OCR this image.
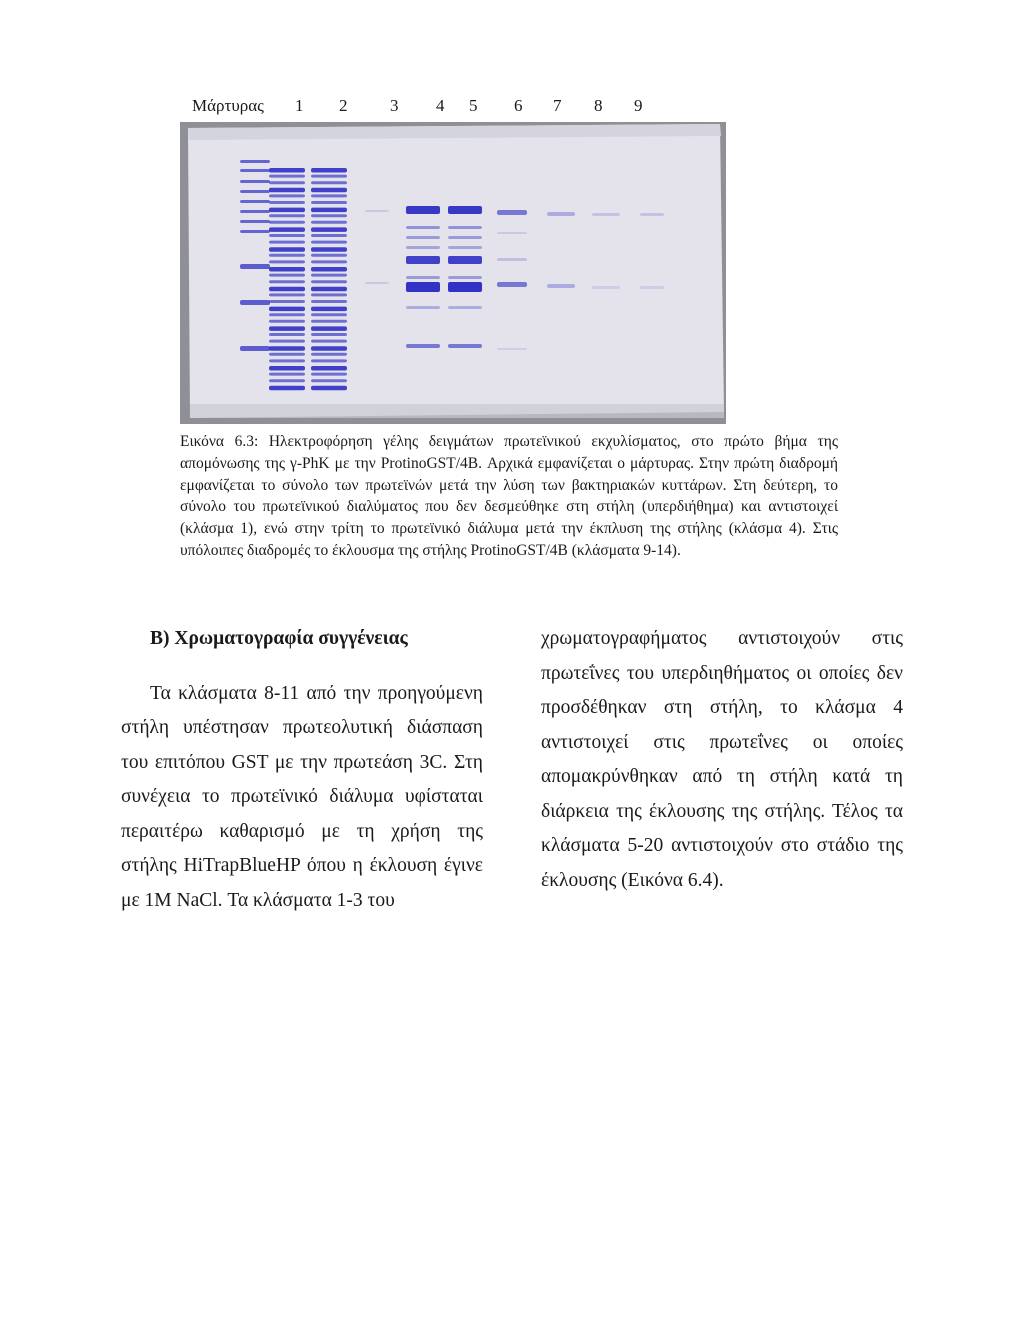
Μάρτυρας 1 2	3 4 5 6 7 8 9
Εικόνα 6.3: Ηλεκτροφόρηση γέλης δειγμάτων πρωτεϊνικού εκχυλίσματος, στο πρώτο βήμα της απομόνωσης της γ-PhK με την ProtinoGST/4B. Αρχικά εμφανίζεται ο μάρτυρας. Στην πρώτη διαδρομή εμφανίζεται το σύνολο των πρωτεϊνών μετά την λύση των βακτηριακών κυττάρων. Στη δεύτερη, το σύνολο του πρωτεϊνικού διαλύματος που δεν δεσμεύθηκε στη στήλη (υπερδιήθημα) και αντιστοιχεί (κλάσμα 1), ενώ στην τρίτη το πρωτεϊνικό διάλυμα μετά την έκπλυση της στήλης (κλάσμα 4). Στις υπόλοιπες διαδρομές το έκλουσμα της στήλης ProtinoGST/4B (κλάσματα 9-14).
Β) Χρωματογραφία συγγένειας

Τα κλάσματα 8-11 από την προηγούμενη στήλη υπέστησαν πρωτεολυτική διάσπαση του επιτόπου GST με την πρωτεάση 3C. Στη συνέχεια το πρωτεϊνικό διάλυμα υφίσταται περαιτέρω καθαρισμό με τη χρήση της στήλης HiTrapBlueHP όπου η έκλουση έγινε με 1M NaCl. Τα κλάσματα 1-3 του

χρωματογραφήματος αντιστοιχούν στις πρωτεΐνες του υπερδιηθήματος οι οποίες δεν προσδέθηκαν στη στήλη, το κλάσμα 4 αντιστοιχεί στις πρωτεΐνες οι οποίες απομακρύνθηκαν από τη στήλη κατά τη διάρκεια της έκλουσης της στήλης. Τέλος τα κλάσματα 5-20 αντιστοιχούν στο στάδιο της έκλουσης (Εικόνα 6.4).
